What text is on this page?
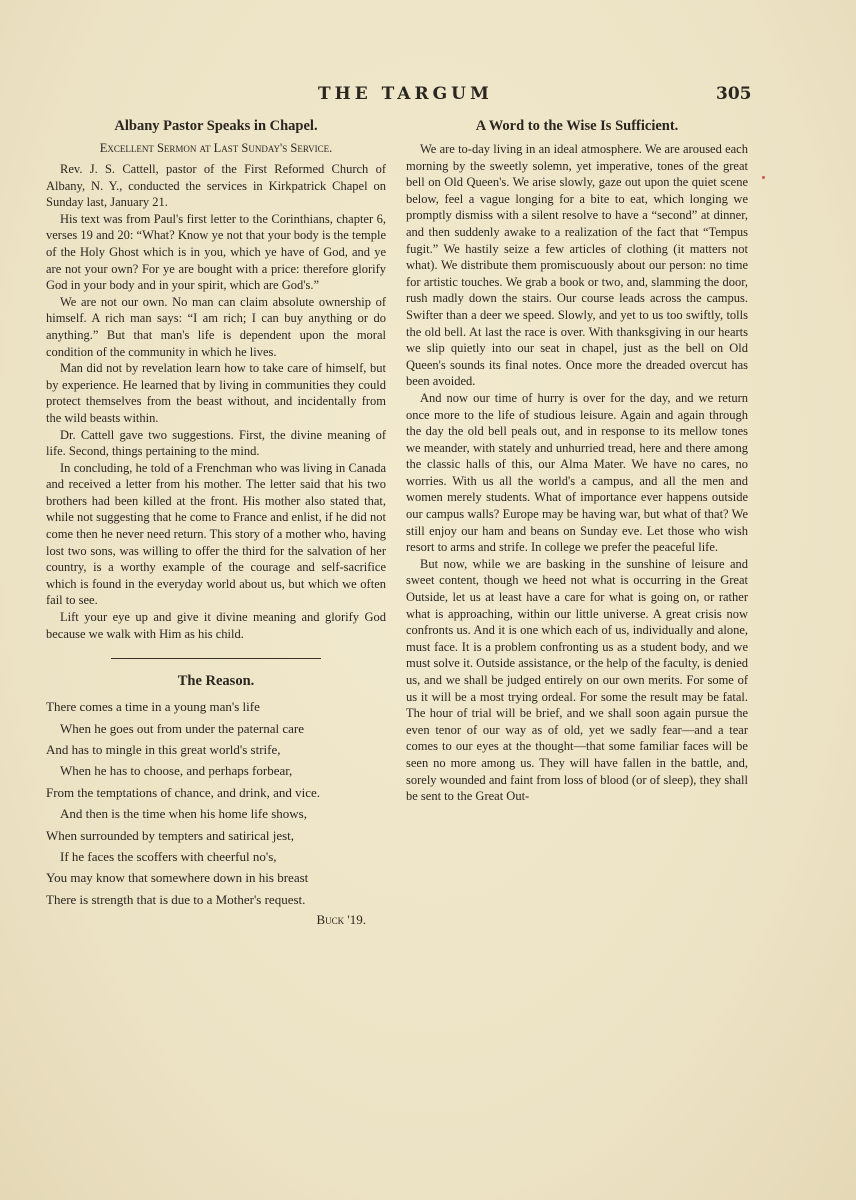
THE TARGUM	305
Albany Pastor Speaks in Chapel.
Excellent Sermon at Last Sunday's Service.

Rev. J. S. Cattell, pastor of the First Reformed Church of Albany, N. Y., conducted the services in Kirkpatrick Chapel on Sunday last, January 21.

His text was from Paul's first letter to the Corinthians, chapter 6, verses 19 and 20: “What? Know ye not that your body is the temple of the Holy Ghost which is in you, which ye have of God, and ye are not your own? For ye are bought with a price: therefore glorify God in your body and in your spirit, which are God's.”

We are not our own. No man can claim absolute ownership of himself. A rich man says: “I am rich; I can buy anything or do anything.” But that man's life is dependent upon the moral condition of the community in which he lives.

Man did not by revelation learn how to take care of himself, but by experience. He learned that by living in communities they could protect themselves from the beast without, and incidentally from the wild beasts within.

Dr. Cattell gave two suggestions. First, the divine meaning of life. Second, things pertaining to the mind.

In concluding, he told of a Frenchman who was living in Canada and received a letter from his mother. The letter said that his two brothers had been killed at the front. His mother also stated that, while not suggesting that he come to France and enlist, if he did not come then he never need return. This story of a mother who, having lost two sons, was willing to offer the third for the salvation of her country, is a worthy example of the courage and self-sacrifice which is found in the everyday world about us, but which we often fail to see.

Lift your eye up and give it divine meaning and glorify God because we walk with Him as his child.

The Reason.
There comes a time in a young man's life
When he goes out from under the paternal care
And has to mingle in this great world's strife,
When he has to choose, and perhaps forbear,
From the temptations of chance, and drink, and vice.
And then is the time when his home life shows,
When surrounded by tempters and satirical jest,
If he faces the scoffers with cheerful no's,
You may know that somewhere down in his breast
There is strength that is due to a Mother's request.
Buck '19.
A Word to the Wise Is Sufficient.

We are to-day living in an ideal atmosphere. We are aroused each morning by the sweetly solemn, yet imperative, tones of the great bell on Old Queen's. We arise slowly, gaze out upon the quiet scene below, feel a vague longing for a bite to eat, which longing we promptly dismiss with a silent resolve to have a “second” at dinner, and then suddenly awake to a realization of the fact that “Tempus fugit.” We hastily seize a few articles of clothing (it matters not what). We distribute them promiscuously about our person: no time for artistic touches. We grab a book or two, and, slamming the door, rush madly down the stairs. Our course leads across the campus. Swifter than a deer we speed. Slowly, and yet to us too swiftly, tolls the old bell. At last the race is over. With thanksgiving in our hearts we slip quietly into our seat in chapel, just as the bell on Old Queen's sounds its final notes. Once more the dreaded overcut has been avoided.

And now our time of hurry is over for the day, and we return once more to the life of studious leisure. Again and again through the day the old bell peals out, and in response to its mellow tones we meander, with stately and unhurried tread, here and there among the classic halls of this, our Alma Mater. We have no cares, no worries. With us all the world's a campus, and all the men and women merely students. What of importance ever happens outside our campus walls? Europe may be having war, but what of that? We still enjoy our ham and beans on Sunday eve. Let those who wish resort to arms and strife. In college we prefer the peaceful life.

But now, while we are basking in the sunshine of leisure and sweet content, though we heed not what is occurring in the Great Outside, let us at least have a care for what is going on, or rather what is approaching, within our little universe. A great crisis now confronts us. And it is one which each of us, individually and alone, must face. It is a problem confronting us as a student body, and we must solve it. Outside assistance, or the help of the faculty, is denied us, and we shall be judged entirely on our own merits. For some of us it will be a most trying ordeal. For some the result may be fatal. The hour of trial will be brief, and we shall soon again pursue the even tenor of our way as of old, yet we sadly fear—and a tear comes to our eyes at the thought—that some familiar faces will be seen no more among us. They will have fallen in the battle, and, sorely wounded and faint from loss of blood (or of sleep), they shall be sent to the Great Out-
